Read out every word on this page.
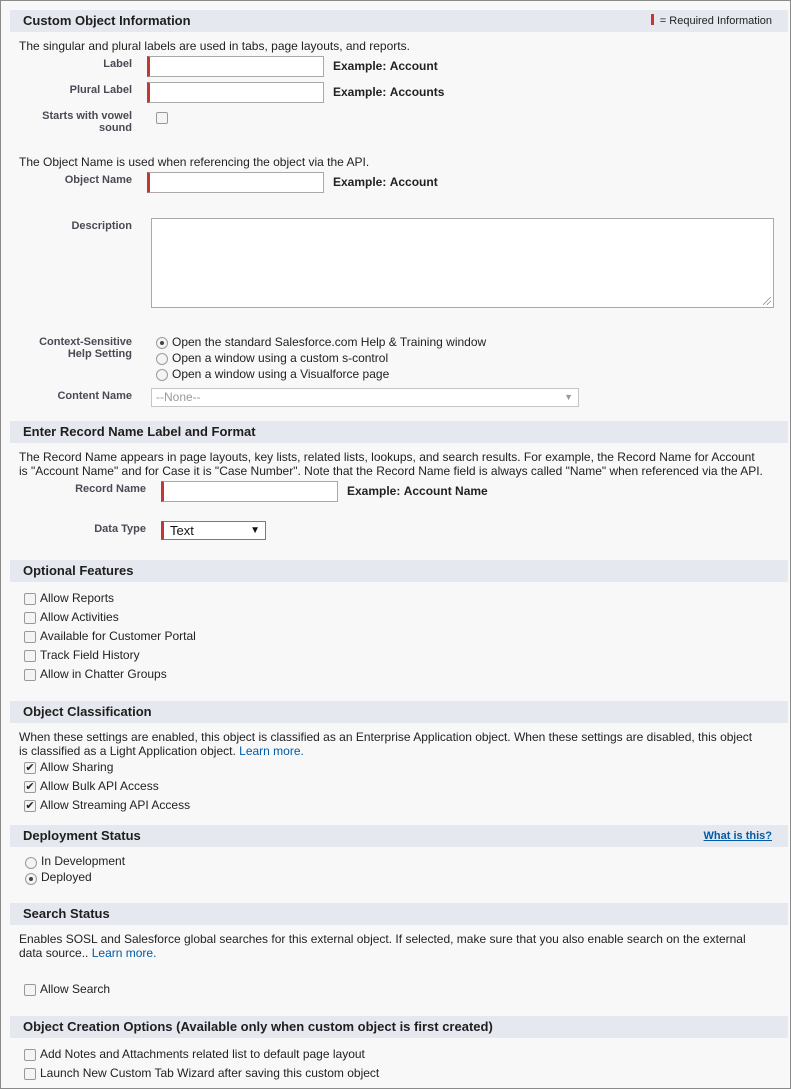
Custom Object Information	= Required Information
The singular and plural labels are used in tabs, page layouts, and reports.
Label	Example: Account
Plural Label	Example: Accounts
Starts with vowel
sound
The Object Name is used when referencing the object via the API.
Object Name	Example: Account
Description
Context-Sensitive
Help Setting
Open the standard Salesforce.com Help & Training window
Open a window using a custom s-control
Open a window using a Visualforce page
Content Name	--None--	▼
Enter Record Name Label and Format
The Record Name appears in page layouts, key lists, related lists, lookups, and search results. For example, the Record Name for Account
is "Account Name" and for Case it is "Case Number". Note that the Record Name field is always called "Name" when referenced via the API.
Record Name	Example: Account Name
Data Type	Text	▼
Optional Features
Allow Reports
Allow Activities
Available for Customer Portal
Track Field History
Allow in Chatter Groups
Object Classification
When these settings are enabled, this object is classified as an Enterprise Application object. When these settings are disabled, this object
is classified as a Light Application object. Learn more.
✔ Allow Sharing
✔ Allow Bulk API Access
✔ Allow Streaming API Access
Deployment Status	What is this?
In Development
Deployed
Search Status
Enables SOSL and Salesforce global searches for this external object. If selected, make sure that you also enable search on the external
data source.. Learn more.
Allow Search
Object Creation Options (Available only when custom object is first created)
Add Notes and Attachments related list to default page layout
Launch New Custom Tab Wizard after saving this custom object
